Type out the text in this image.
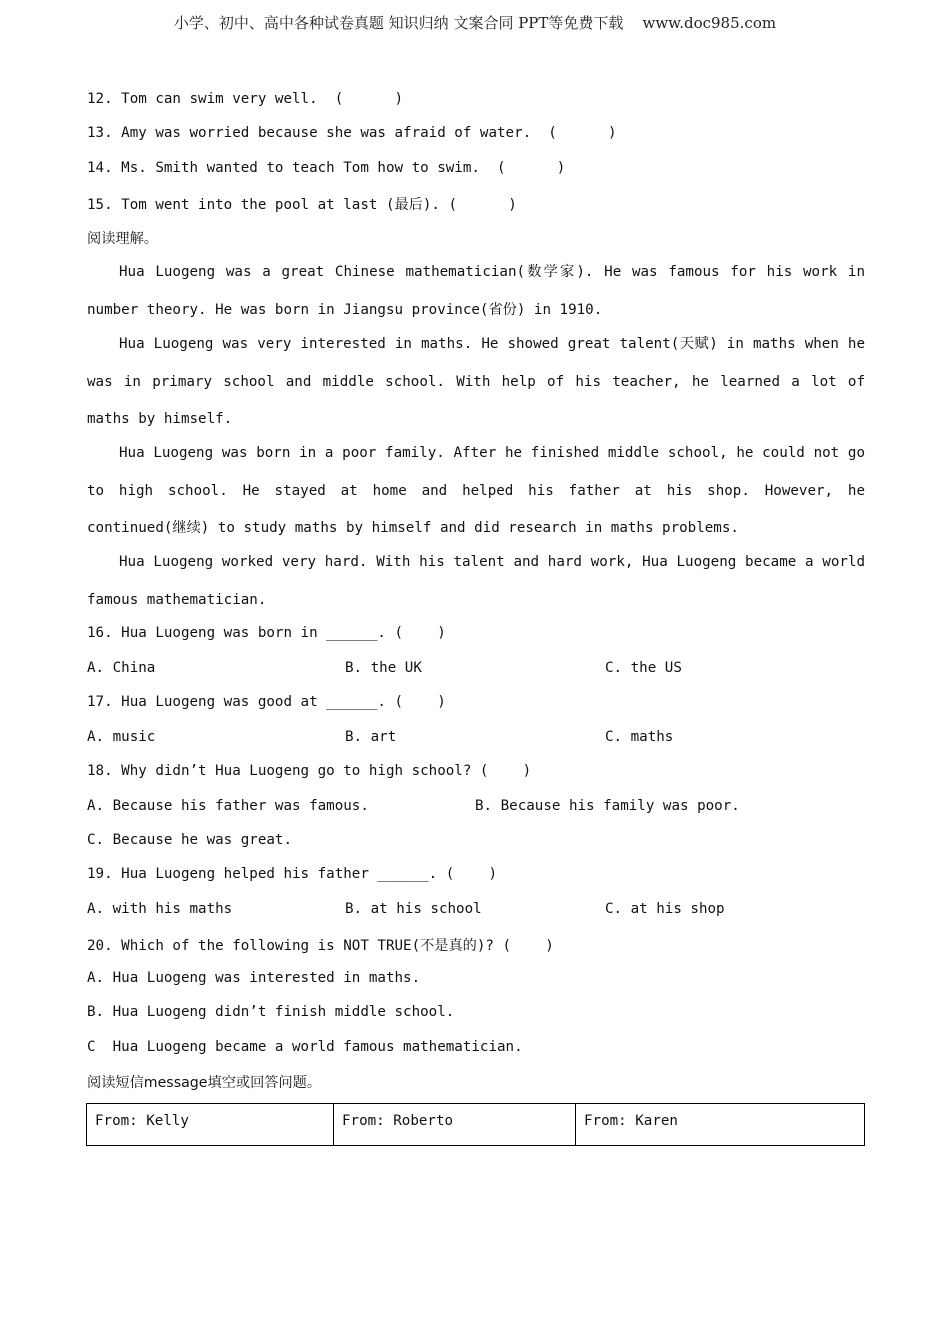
小学、初中、高中各种试卷真题 知识归纳 文案合同 PPT等免费下载    www.doc985.com
12. Tom can swim very well.  (      )
13. Amy was worried because she was afraid of water.  (      )
14. Ms. Smith wanted to teach Tom how to swim.  (      )
15. Tom went into the pool at last (最后). (      )
阅读理解。
Hua Luogeng was a great Chinese mathematician(数学家). He was famous for his work in number theory. He was born in Jiangsu province(省份) in 1910.
Hua Luogeng was very interested in maths. He showed great talent(天赋) in maths when he was in primary school and middle school. With help of his teacher, he learned a lot of maths by himself.
Hua Luogeng was born in a poor family. After he finished middle school, he could not go to high school. He stayed at home and helped his father at his shop. However, he continued(继续) to study maths by himself and did research in maths problems.
Hua Luogeng worked very hard. With his talent and hard work, Hua Luogeng became a world famous mathematician.
16. Hua Luogeng was born in ______. (    )
A. China	B. the UK	C. the US
17. Hua Luogeng was good at ______. (    )
A. music	B. art	C. maths
18. Why didn’t Hua Luogeng go to high school? (    )
A. Because his father was famous.	B. Because his family was poor.
C. Because he was great.
19. Hua Luogeng helped his father ______. (    )
A. with his maths	B. at his school	C. at his shop
20. Which of the following is NOT TRUE(不是真的)? (    )
A. Hua Luogeng was interested in maths.
B. Hua Luogeng didn’t finish middle school.
C  Hua Luogeng became a world famous mathematician.
阅读短信message填空或回答问题。
From: Kelly	From: Roberto	From: Karen
